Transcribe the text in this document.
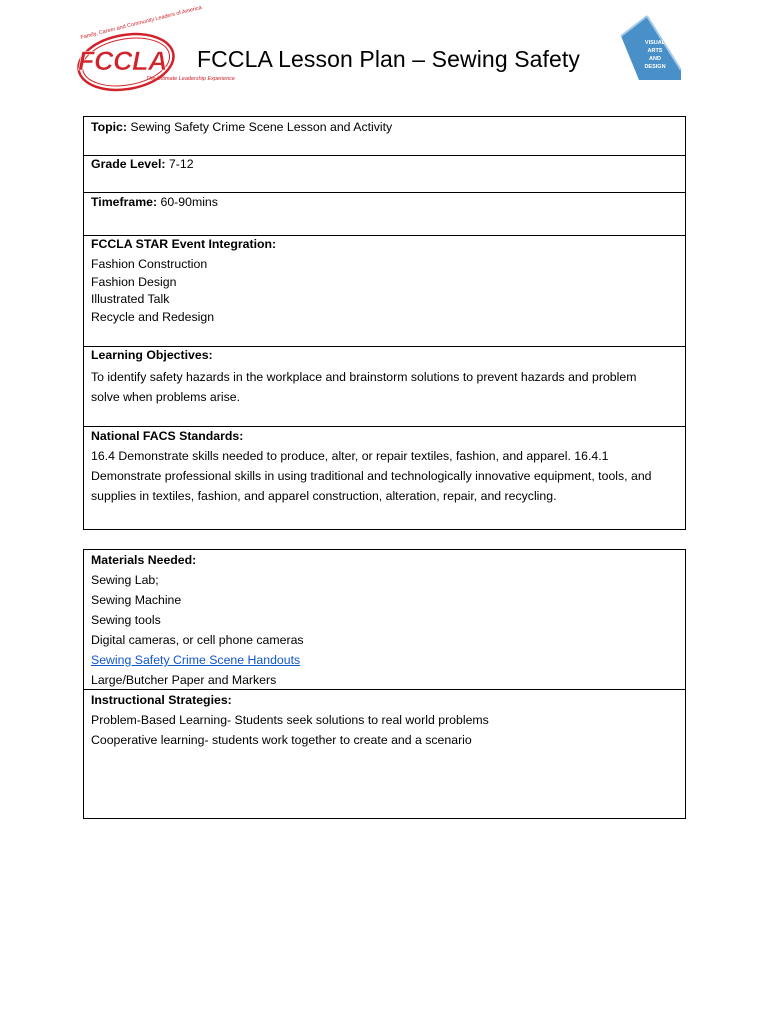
Family, Career and Community Leaders of America
FCCLA
The Ultimate Leadership Experience
FCCLA Lesson Plan – Sewing Safety
VISUAL
ARTS
AND
DESIGN
Topic: Sewing Safety Crime Scene Lesson and Activity
Grade Level: 7-12
Timeframe: 60-90mins
FCCLA STAR Event Integration:
Fashion Construction
Fashion Design
Illustrated Talk
Recycle and Redesign
Learning Objectives:
To identify safety hazards in the workplace and brainstorm solutions to prevent hazards and problem
solve when problems arise.
National FACS Standards:
16.4 Demonstrate skills needed to produce, alter, or repair textiles, fashion, and apparel. 16.4.1
Demonstrate professional skills in using traditional and technologically innovative equipment, tools, and
supplies in textiles, fashion, and apparel construction, alteration, repair, and recycling.
Materials Needed:
Sewing Lab;
Sewing Machine
Sewing tools
Digital cameras, or cell phone cameras
Sewing Safety Crime Scene Handouts
Large/Butcher Paper and Markers
Instructional Strategies:
Problem-Based Learning- Students seek solutions to real world problems
Cooperative learning- students work together to create and a scenario
